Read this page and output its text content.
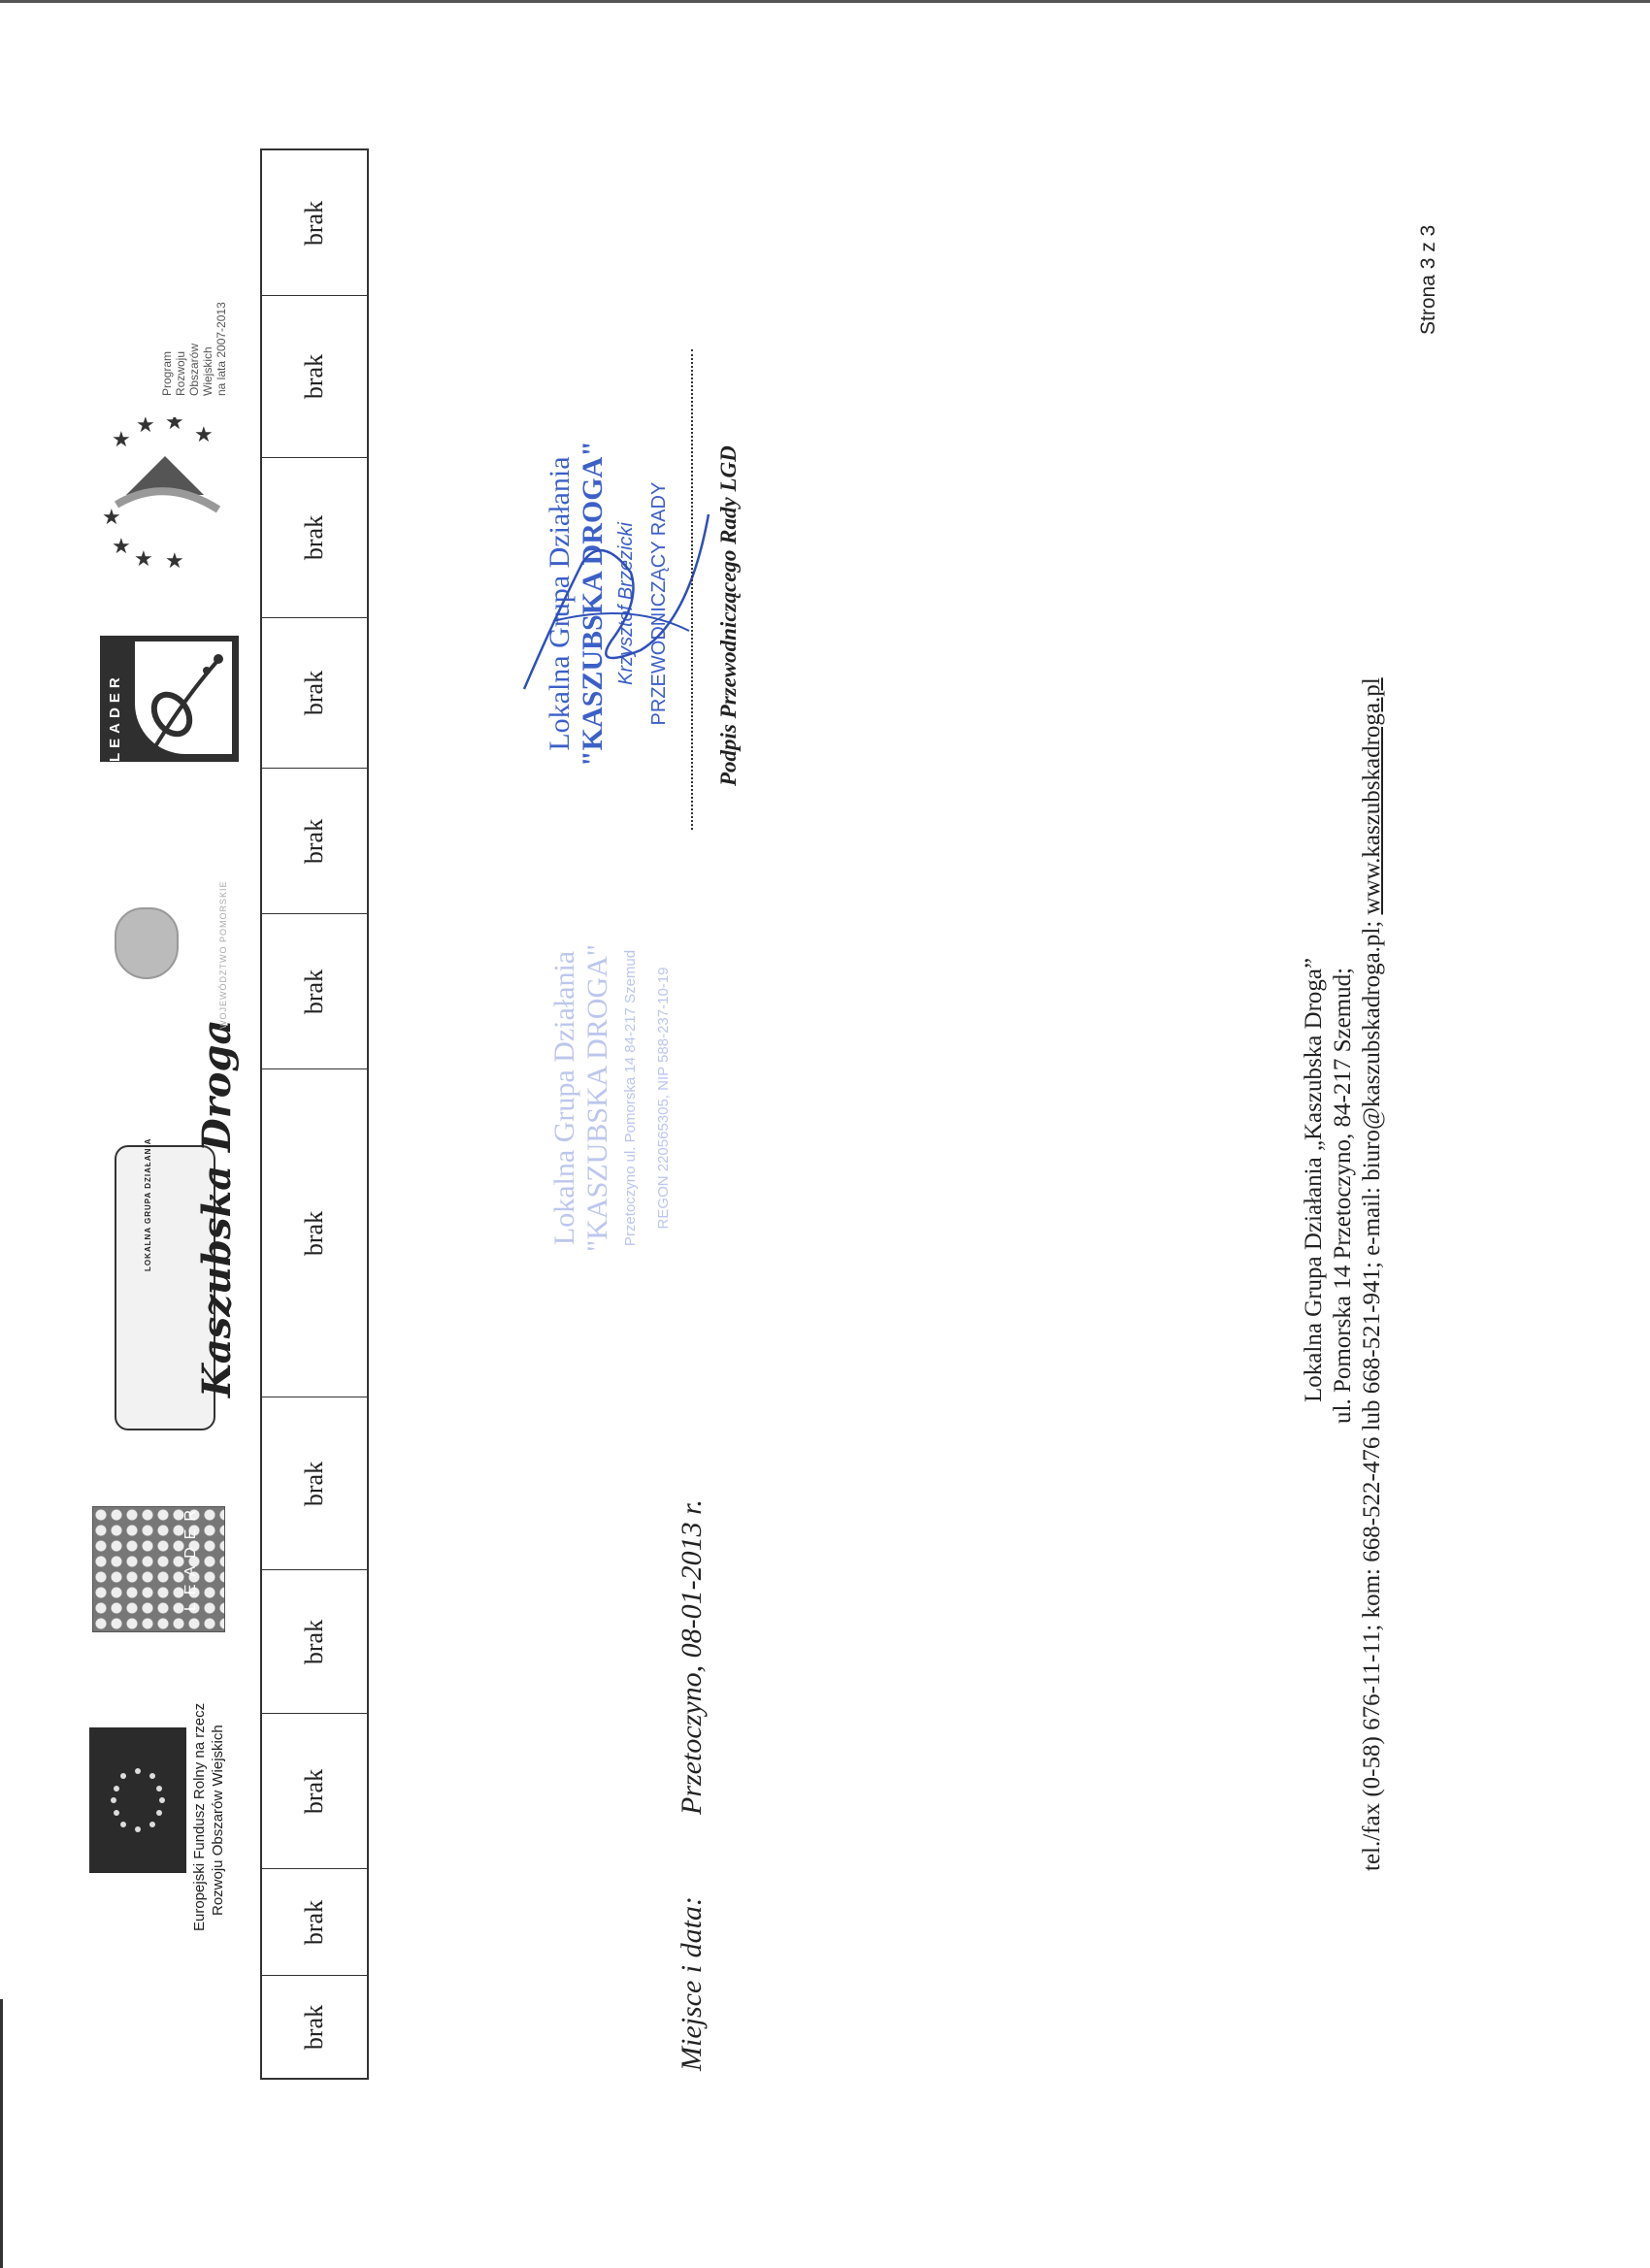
Europejski Fundusz Rolny na rzecz Rozwoju Obszarów Wiejskich
LEADER
LOKALNA GRUPA DZIAŁANIA Kaszubska Droga
WOJEWÓDZTWO POMORSKIE
LEADER
★
★ ★
★
★
★ ★
★
Program Rozwoju Obszarów Wiejskich na lata 2007-2013
brak
brak
brak
brak
brak
brak
brak
brak
brak
brak
brak
brak
Lokalna Grupa Działania "KASZUBSKA DROGA" Przetoczyno ul. Pomorska 14 84-217 Szemud	REGON 220565305, NIP 588-237-10-19
Lokalna Grupa Działania "KASZUBSKA DROGA" Krzysztof Brzezicki PRZEWODNICZĄCY RADY
Miejsce i data:
Przetoczyno, 08-01-2013 r.
Podpis Przewodniczącego Rady LGD
Lokalna Grupa Działania „Kaszubska Droga” ul. Pomorska 14 Przetoczyno, 84-217 Szemud; tel./fax (0-58) 676-11-11; kom: 668-522-476 lub 668-521-941; e-mail: biuro@kaszubskadroga.pl; www.kaszubskadroga.pl
Strona 3 z 3
